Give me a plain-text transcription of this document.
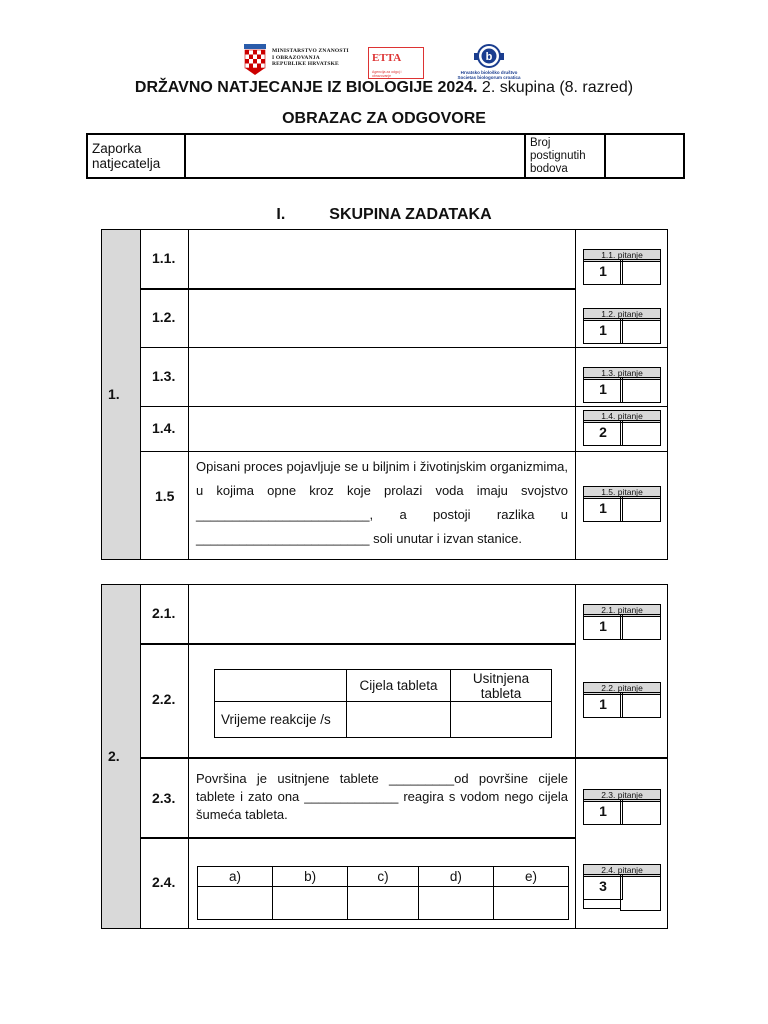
MINISTARSTVO ZNANOSTI
I OBRAZOVANJA
REPUBLIKE HRVATSKE	ETTA
Agencija za odgoj i obrazovanje
b
Hrvatsko biološko društvo
Societas biologorum croatica
DRŽAVNO NATJECANJE IZ BIOLOGIJE 2024. 2. skupina (8. razred)
OBRAZAC ZA ODGOVORE
Zaporka natjecatelja		Broj postignutih bodova	
I.	SKUPINA ZADATAKA
1.
1.1.	1.1. pitanje
1
1.2.	1.2. pitanje
1
1.3.	1.3. pitanje
1
1.4.
1.4. pitanje
2
1.5
Opisani proces pojavljuje se u biljnim i životinjskim organizmima, u kojima opne kroz koje prolazi voda imaju svojstvo ________________________, a postoji razlika u ________________________ soli unutar i izvan stanice.
1.5. pitanje
1
2.
2.1.	2.1. pitanje
1
2.2.
	Cijela tableta	Usitnjena tableta
Vrijeme reakcije /s		
2.2. pitanje
1
2.3.
Površina je usitnjene tablete _________od površine cijele tablete i zato ona _____________ reagira s vodom nego cijela šumeća tableta.
2.3. pitanje
1
2.4.	a)	b)	c)	d)	e)
					2.4. pitanje
3
